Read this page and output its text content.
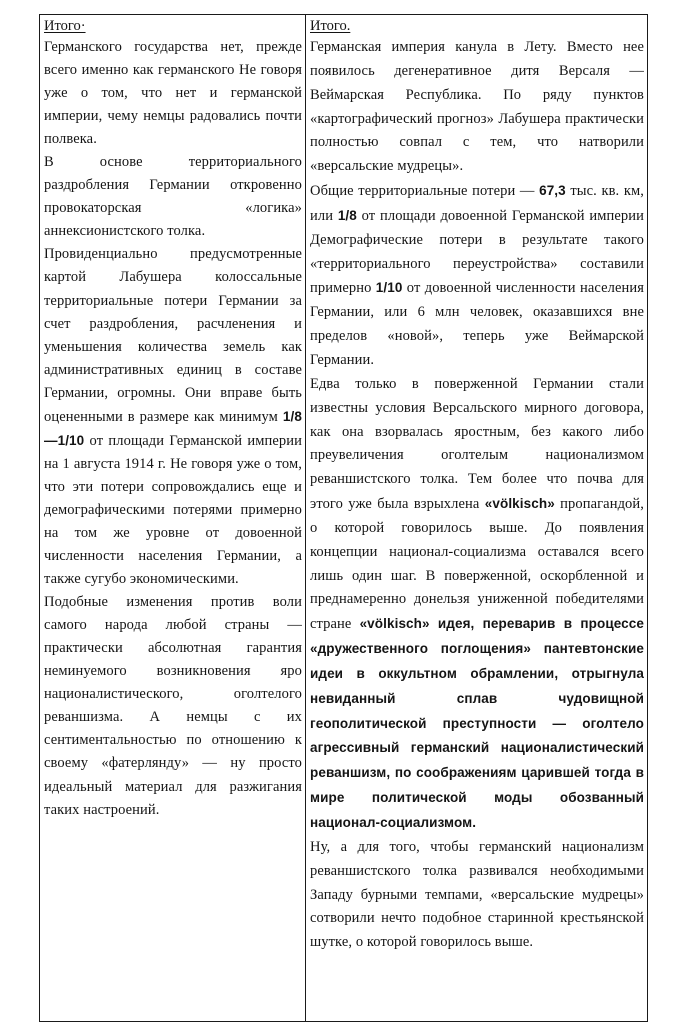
Итого·

Германского государства нет, прежде всего именно как германского Не говоря уже о том, что нет и германской империи, чему немцы радовались почти полвека.

В основе территориального раздробления Германии откровенно провокаторская «логика» аннексионистского толка.

Провиденциально предусмотренные картой Лабушера колоссальные территориальные потери Германии за счет раздробления, расчленения и уменьшения количества земель как административных единиц в составе Германии, огромны. Они вправе быть оцененными в размере как минимум 1/8—1/10 от площади Германской империи на 1 августа 1914 г. Не говоря уже о том, что эти потери сопровождались еще и демографическими потерями примерно на том же уровне от довоенной численности населения Германии, а также сугубо экономическими.

Подобные изменения против воли самого народа любой страны — практически абсолютная гарантия неминуемого возникновения яро националистического, оголтелого реваншизма. А немцы с их сентиментальностью по отношению к своему «фатерлянду» — ну просто идеальный материал для разжигания таких настроений.

Итого.

Германская империя канула в Лету. Вместо нее появилось дегенеративное дитя Версаля — Веймарская Республика. По ряду пунктов «картографический прогноз» Лабушера практически полностью совпал с тем, что натворили «версальские мудрецы».

Общие территориальные потери — 67,3 тыс. кв. км, или 1/8 от площади довоенной Германской империи Демографические потери в результате такого «территориального переустройства» составили примерно 1/10 от довоенной численности населения Германии, или 6 млн человек, оказавшихся вне пределов «новой», теперь уже Веймарской Германии.

Едва только в поверженной Германии стали известны условия Версальского мирного договора, как она взорвалась яростным, без какого либо преувеличения оголтелым национализмом реваншистского толка. Тем более что почва для этого уже была взрыхлена «völkisch» пропагандой, о которой говорилось выше. До появления концепции национал-социализма оставался всего лишь один шаг. В поверженной, оскорбленной и преднамеренно донельзя униженной победителями стране «völkisch» идея, переварив в процессе «дружественного поглощения» пантевтонские идеи в оккультном обрамлении, отрыгнула невиданный сплав чудовищной геополитической преступности — оголтело агрессивный германский националистический реваншизм, по соображениям царившей тогда в мире политической моды обозванный национал-социализмом.

Ну, а для того, чтобы германский национализм реваншистского толка развивался необходимыми Западу бурными темпами, «версальские мудрецы» сотворили нечто подобное старинной крестьянской шутке, о которой говорилось выше.
